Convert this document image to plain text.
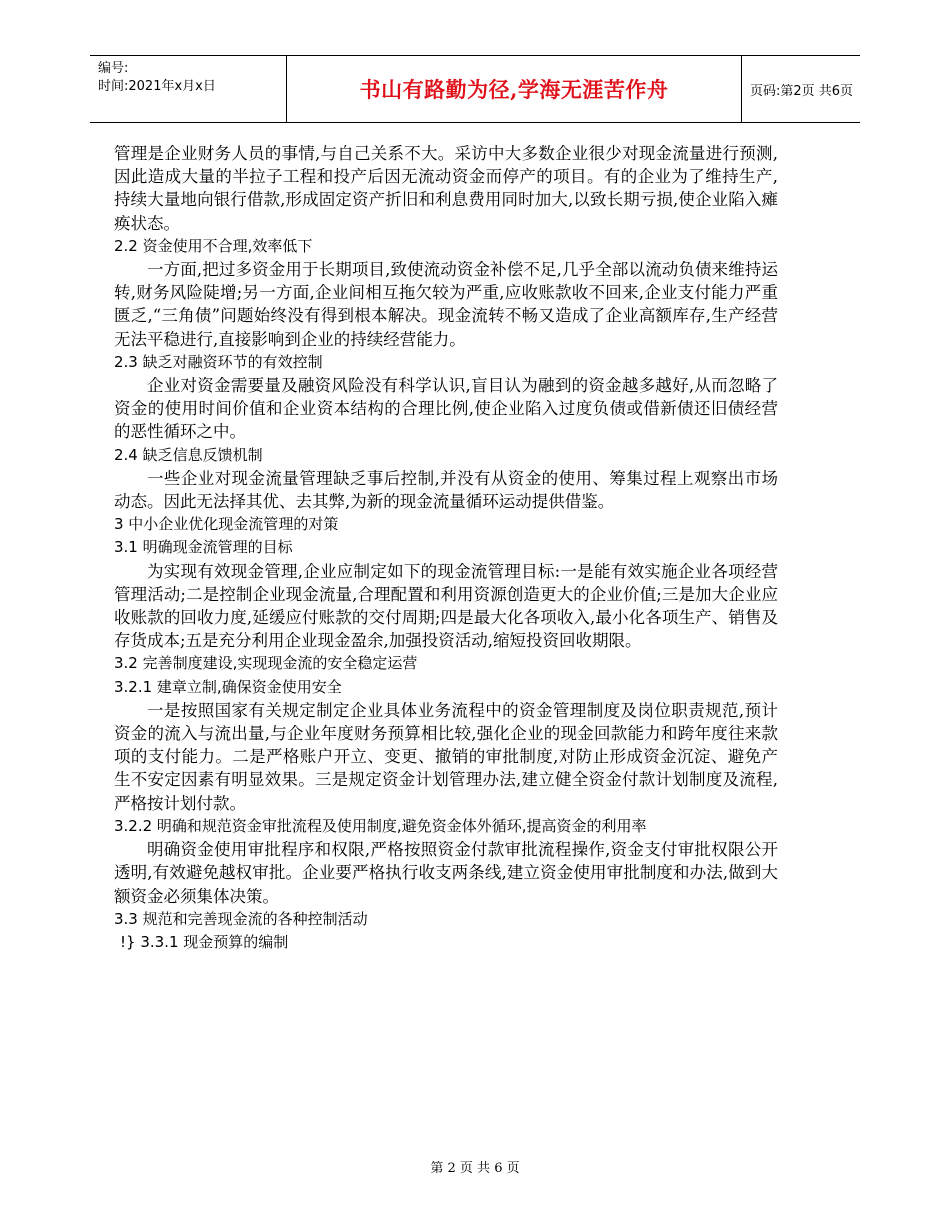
编号:
时间:2021年x月x日	书山有路勤为径,学海无涯苦作舟	页码:第2页 共6页
管理是企业财务人员的事情,与自己关系不大。采访中大多数企业很少对现金流量进行预测,因此造成大量的半拉子工程和投产后因无流动资金而停产的项目。有的企业为了维持生产,持续大量地向银行借款,形成固定资产折旧和利息费用同时加大,以致长期亏损,使企业陷入瘫痪状态。
2.2 资金使用不合理,效率低下
一方面,把过多资金用于长期项目,致使流动资金补偿不足,几乎全部以流动负债来维持运转,财务风险陡增;另一方面,企业间相互拖欠较为严重,应收账款收不回来,企业支付能力严重匮乏,“三角债”问题始终没有得到根本解决。现金流转不畅又造成了企业高额库存,生产经营无法平稳进行,直接影响到企业的持续经营能力。
2.3 缺乏对融资环节的有效控制
企业对资金需要量及融资风险没有科学认识,盲目认为融到的资金越多越好,从而忽略了资金的使用时间价值和企业资本结构的合理比例,使企业陷入过度负债或借新债还旧债经营的恶性循环之中。
2.4 缺乏信息反馈机制
一些企业对现金流量管理缺乏事后控制,并没有从资金的使用、筹集过程上观察出市场动态。因此无法择其优、去其弊,为新的现金流量循环运动提供借鉴。
3 中小企业优化现金流管理的对策
3.1 明确现金流管理的目标
为实现有效现金管理,企业应制定如下的现金流管理目标:一是能有效实施企业各项经营管理活动;二是控制企业现金流量,合理配置和利用资源创造更大的企业价值;三是加大企业应收账款的回收力度,延缓应付账款的交付周期;四是最大化各项收入,最小化各项生产、销售及存货成本;五是充分利用企业现金盈余,加强投资活动,缩短投资回收期限。
3.2 完善制度建设,实现现金流的安全稳定运营
3.2.1 建章立制,确保资金使用安全
一是按照国家有关规定制定企业具体业务流程中的资金管理制度及岗位职责规范,预计资金的流入与流出量,与企业年度财务预算相比较,强化企业的现金回款能力和跨年度往来款项的支付能力。二是严格账户开立、变更、撤销的审批制度,对防止形成资金沉淀、避免产生不安定因素有明显效果。三是规定资金计划管理办法,建立健全资金付款计划制度及流程,严格按计划付款。
3.2.2 明确和规范资金审批流程及使用制度,避免资金体外循环,提高资金的利用率
明确资金使用审批程序和权限,严格按照资金付款审批流程操作,资金支付审批权限公开透明,有效避免越权审批。企业要严格执行收支两条线,建立资金使用审批制度和办法,做到大额资金必须集体决策。
3.3 规范和完善现金流的各种控制活动
!} 3.3.1 现金预算的编制
第 2 页 共 6 页
